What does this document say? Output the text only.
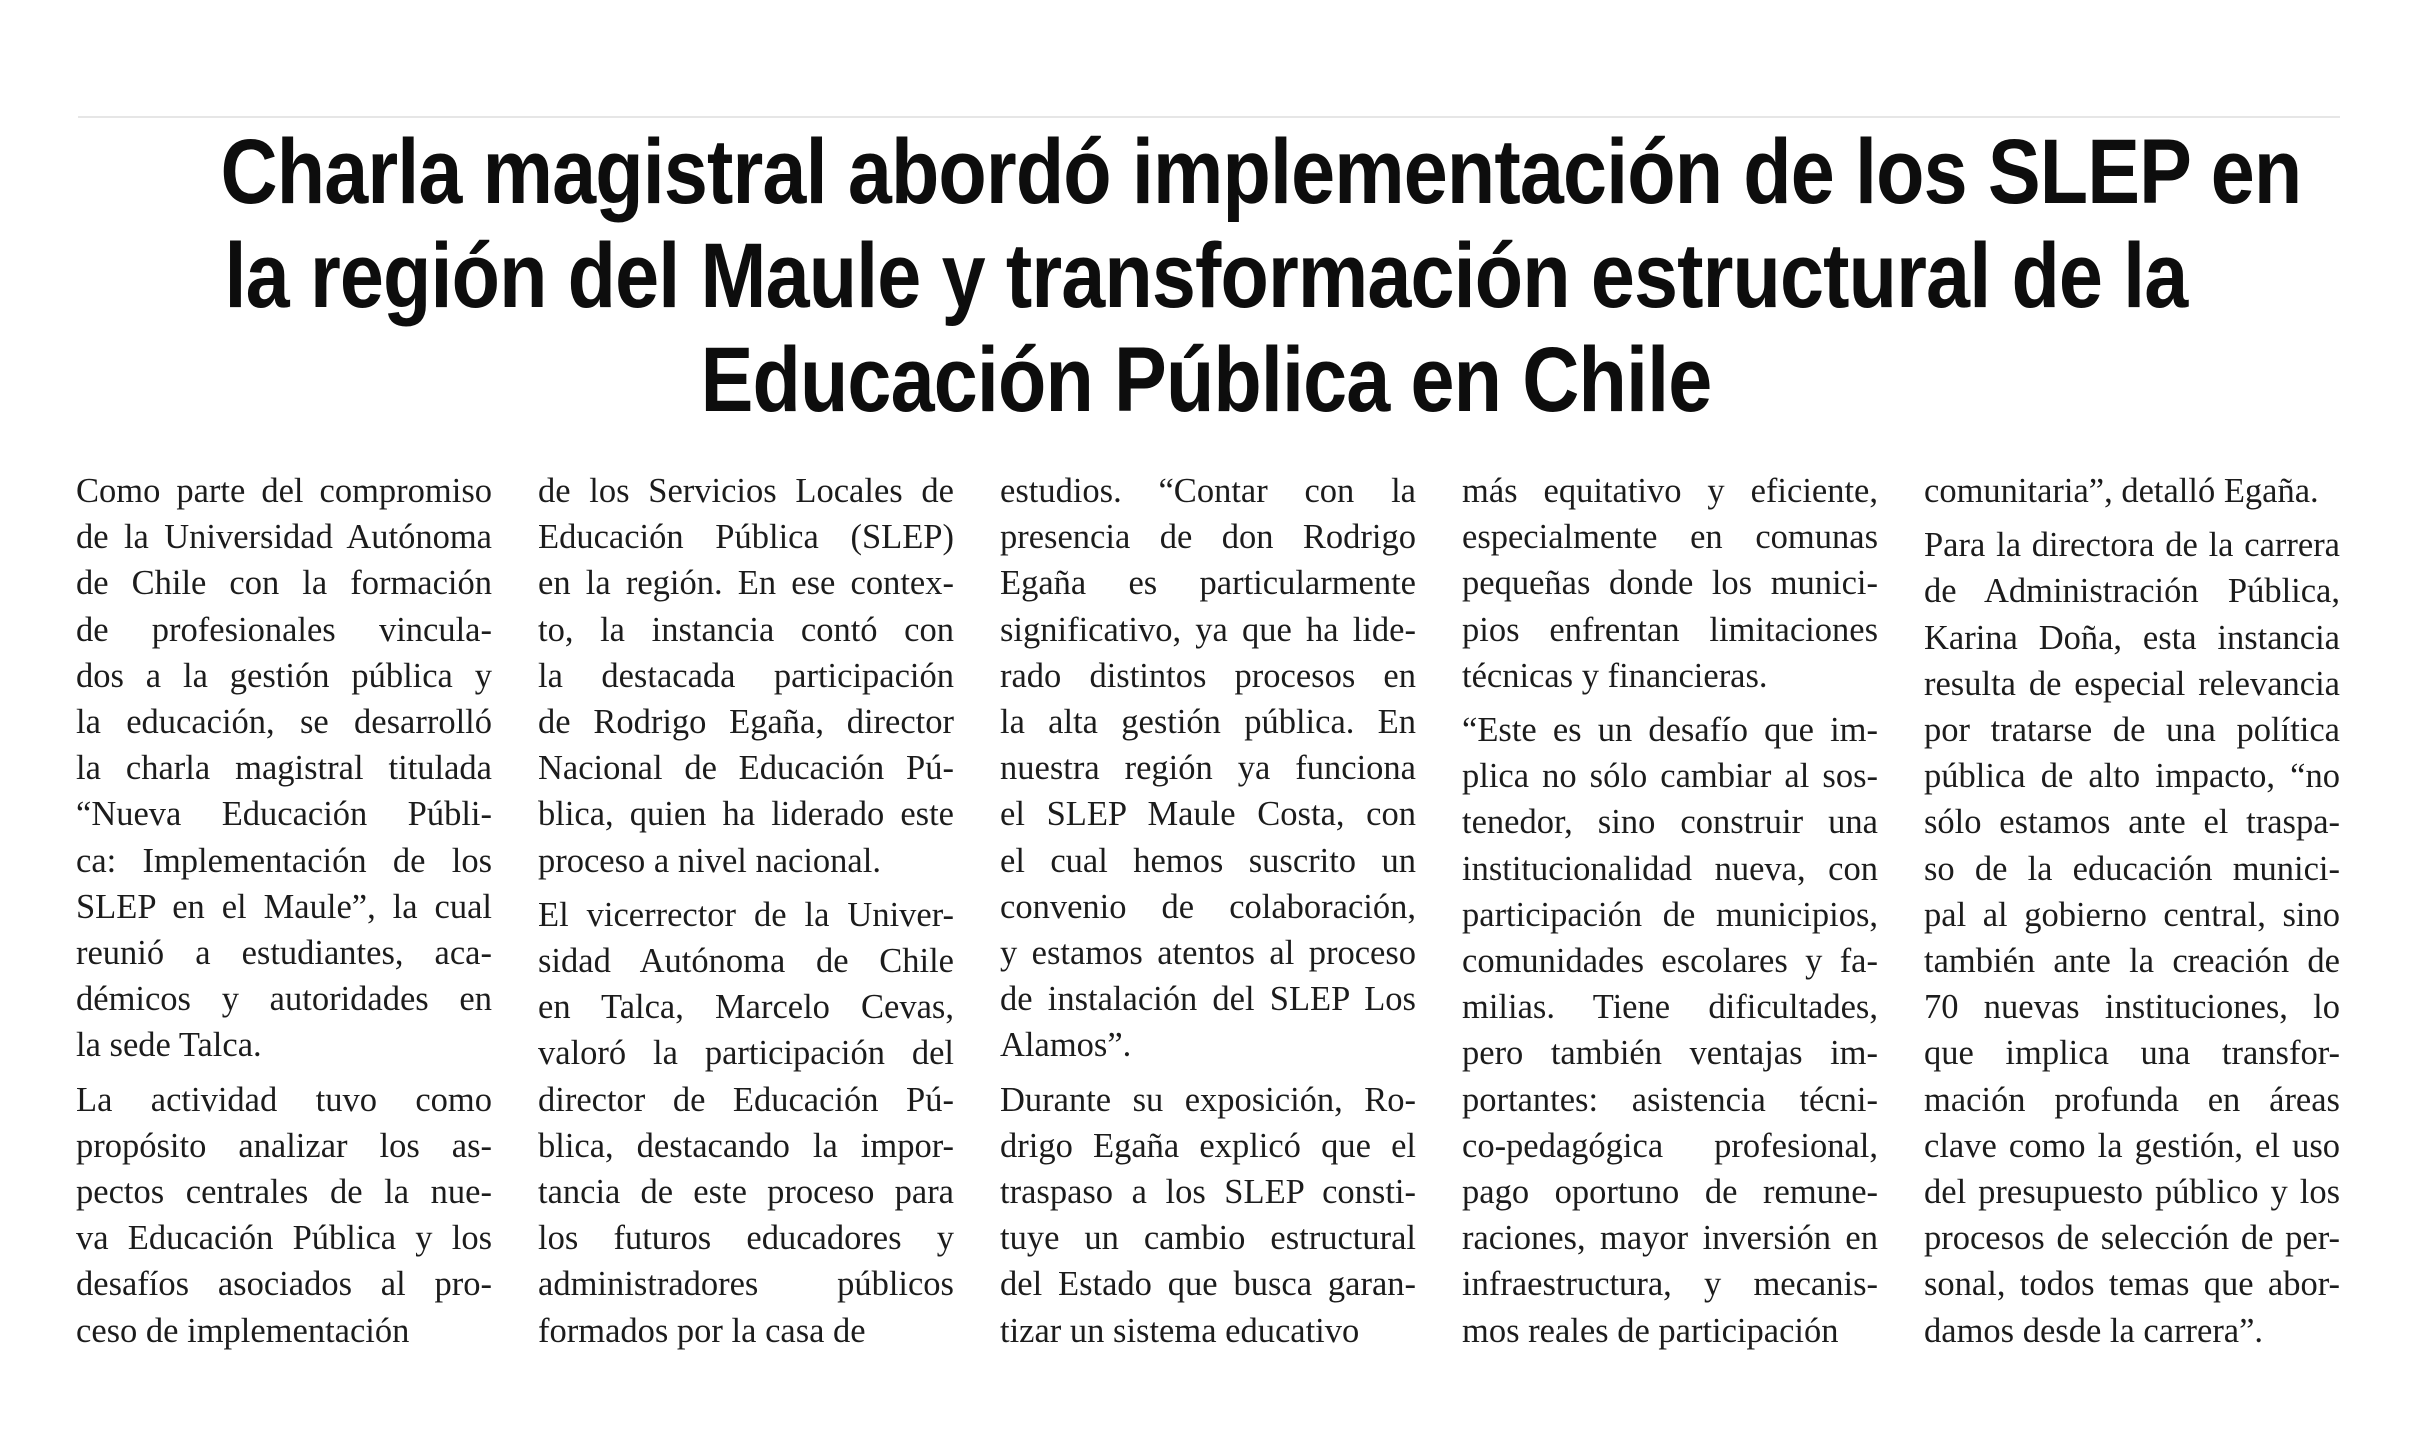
Charla magistral abordó implementación de los SLEP en
la región del Maule y transformación estructural de la
Educación Pública en Chile

Como parte del compromiso
de la Universidad Autónoma
de Chile con la formación
de profesionales vincula-
dos a la gestión pública y
la educación, se desarrolló
la charla magistral titulada
“Nueva Educación Públi-
ca: Implementación de los
SLEP en el Maule”, la cual
reunió a estudiantes, aca-
démicos y autoridades en
la sede Talca.

La actividad tuvo como
propósito analizar los as-
pectos centrales de la nue-
va Educación Pública y los
desafíos asociados al pro-
ceso de implementación

de los Servicios Locales de
Educación Pública (SLEP)
en la región. En ese contex-
to, la instancia contó con
la destacada participación
de Rodrigo Egaña, director
Nacional de Educación Pú-
blica, quien ha liderado este
proceso a nivel nacional.

El vicerrector de la Univer-
sidad Autónoma de Chile
en Talca, Marcelo Cevas,
valoró la participación del
director de Educación Pú-
blica, destacando la impor-
tancia de este proceso para
los futuros educadores y
administradores públicos
formados por la casa de

estudios. “Contar con la
presencia de don Rodrigo
Egaña es particularmente
significativo, ya que ha lide-
rado distintos procesos en
la alta gestión pública. En
nuestra región ya funciona
el SLEP Maule Costa, con
el cual hemos suscrito un
convenio de colaboración,
y estamos atentos al proceso
de instalación del SLEP Los
Alamos”.

Durante su exposición, Ro-
drigo Egaña explicó que el
traspaso a los SLEP consti-
tuye un cambio estructural
del Estado que busca garan-
tizar un sistema educativo

más equitativo y eficiente,
especialmente en comunas
pequeñas donde los munici-
pios enfrentan limitaciones
técnicas y financieras.

“Este es un desafío que im-
plica no sólo cambiar al sos-
tenedor, sino construir una
institucionalidad nueva, con
participación de municipios,
comunidades escolares y fa-
milias. Tiene dificultades,
pero también ventajas im-
portantes: asistencia técni-
co-pedagógica profesional,
pago oportuno de remune-
raciones, mayor inversión en
infraestructura, y mecanis-
mos reales de participación

comunitaria”, detalló Egaña.

Para la directora de la carrera
de Administración Pública,
Karina Doña, esta instancia
resulta de especial relevancia
por tratarse de una política
pública de alto impacto, “no
sólo estamos ante el traspa-
so de la educación munici-
pal al gobierno central, sino
también ante la creación de
70 nuevas instituciones, lo
que implica una transfor-
mación profunda en áreas
clave como la gestión, el uso
del presupuesto público y los
procesos de selección de per-
sonal, todos temas que abor-
damos desde la carrera”.
